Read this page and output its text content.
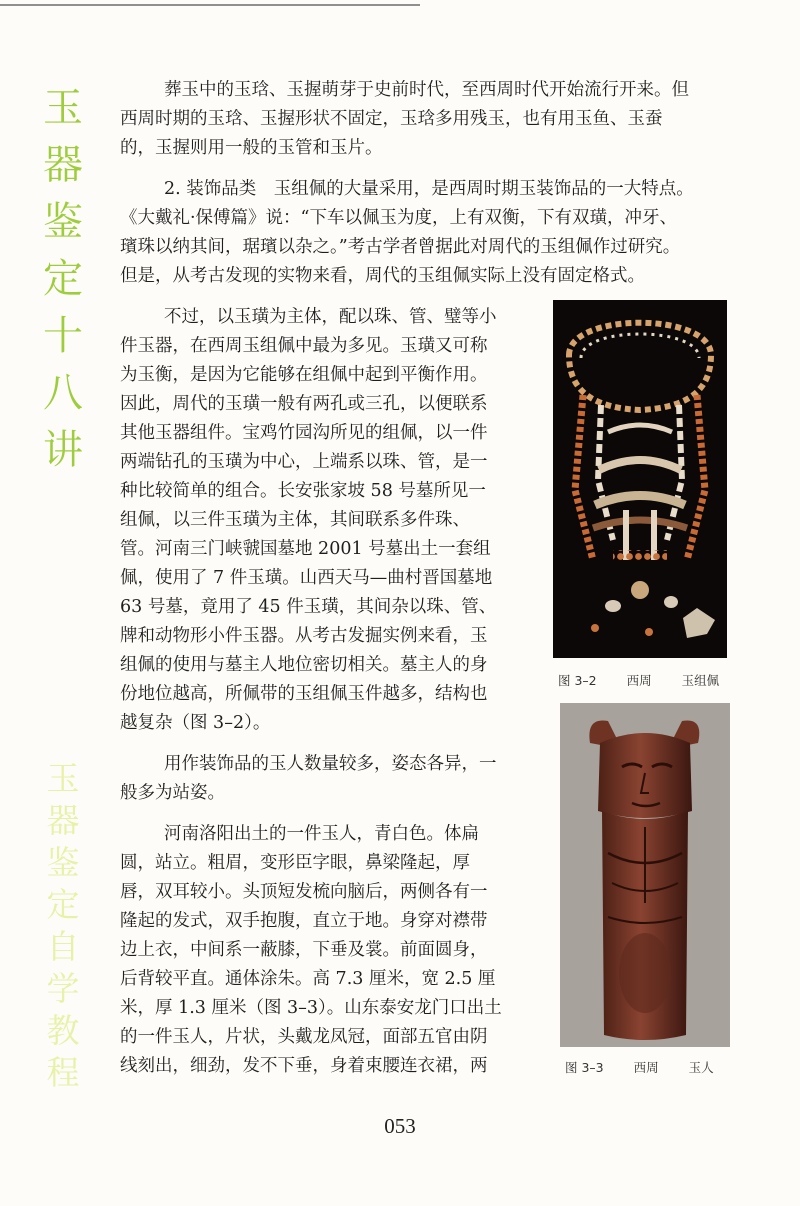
玉
器
鉴
定
十
八
讲
玉
器
鉴
定
自
学
教
程

葬玉中的玉琀、玉握萌芽于史前时代，至西周时代开始流行开来。但
西周时期的玉琀、玉握形状不固定，玉琀多用残玉，也有用玉鱼、玉蚕
的，玉握则用一般的玉管和玉片。

2. 装饰品类　玉组佩的大量采用，是西周时期玉装饰品的一大特点。
《大戴礼·保傅篇》说：“下车以佩玉为度，上有双衡，下有双璜，冲牙、
璸珠以纳其间，琚璸以杂之。”考古学者曾据此对周代的玉组佩作过研究。
但是，从考古发现的实物来看，周代的玉组佩实际上没有固定格式。

不过，以玉璜为主体，配以珠、管、璧等小
件玉器，在西周玉组佩中最为多见。玉璜又可称
为玉衡，是因为它能够在组佩中起到平衡作用。
因此，周代的玉璜一般有两孔或三孔，以便联系
其他玉器组件。宝鸡竹园沟所见的组佩，以一件
两端钻孔的玉璜为中心，上端系以珠、管，是一
种比较简单的组合。长安张家坡 58 号墓所见一
组佩，以三件玉璜为主体，其间联系多件珠、
管。河南三门峡虢国墓地 2001 号墓出土一套组
佩，使用了 7 件玉璜。山西天马—曲村晋国墓地
63 号墓，竟用了 45 件玉璜，其间杂以珠、管、
牌和动物形小件玉器。从考古发掘实例来看，玉
组佩的使用与墓主人地位密切相关。墓主人的身
份地位越高，所佩带的玉组佩玉件越多，结构也
越复杂（图 3–2）。

用作装饰品的玉人数量较多，姿态各异，一
般多为站姿。

河南洛阳出土的一件玉人，青白色。体扁
圆，站立。粗眉，变形臣字眼，鼻梁隆起，厚
唇，双耳较小。头顶短发梳向脑后，两侧各有一
隆起的发式，双手抱腹，直立于地。身穿对襟带
边上衣，中间系一蔽膝，下垂及裳。前面圆身，
后背较平直。通体涂朱。高 7.3 厘米，宽 2.5 厘
米，厚 1.3 厘米（图 3–3）。山东泰安龙门口出土
的一件玉人，片状，头戴龙凤冠，面部五官由阴
线刻出，细劲，发不下垂，身着束腰连衣裙，两

图 3–2 西周 玉组佩
图 3–3 西周 玉人
053
